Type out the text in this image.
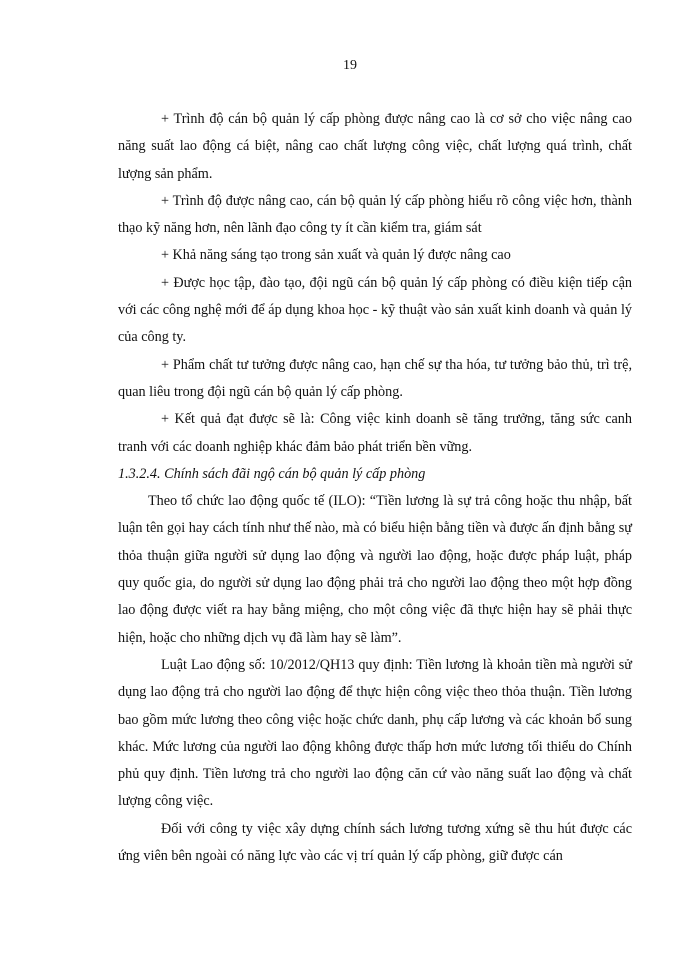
19

+ Trình độ cán bộ quản lý cấp phòng được nâng cao là cơ sở cho việc nâng cao năng suất lao động cá biệt, nâng cao chất lượng công việc, chất lượng quá trình, chất lượng sản phẩm.

+ Trình độ được nâng cao, cán bộ quản lý cấp phòng hiểu rõ công việc hơn, thành thạo kỹ năng hơn, nên lãnh đạo công ty ít cần kiểm tra, giám sát

+ Khả năng sáng tạo trong sản xuất và quản lý được nâng cao

+ Được học tập, đào tạo, đội ngũ cán bộ quản lý cấp phòng có điều kiện tiếp cận với các công nghệ mới để áp dụng khoa học - kỹ thuật vào sản xuất kinh doanh và quản lý của công ty.

+ Phẩm chất tư tưởng được nâng cao, hạn chế sự tha hóa, tư tưởng bảo thủ, trì trệ, quan liêu trong đội ngũ cán bộ quản lý cấp phòng.

+ Kết quả đạt được sẽ là: Công việc kinh doanh sẽ tăng trưởng, tăng sức canh tranh với các doanh nghiệp khác đảm bảo phát triển bền vững.

1.3.2.4. Chính sách đãi ngộ cán bộ quản lý cấp phòng

Theo tổ chức lao động quốc tế (ILO): “Tiền lương là sự trả công hoặc thu nhập, bất luận tên gọi hay cách tính như thế nào, mà có biểu hiện bằng tiền và được ấn định bằng sự thỏa thuận giữa người sử dụng lao động và người lao động, hoặc được pháp luật, pháp quy quốc gia, do người sử dụng lao động phải trả cho người lao động theo một hợp đồng lao động được viết ra hay bằng miệng, cho một công việc đã thực hiện hay sẽ phải thực hiện, hoặc cho những dịch vụ đã làm hay sẽ làm”.

Luật Lao động số: 10/2012/QH13 quy định: Tiền lương là khoản tiền mà người sử dụng lao động trả cho người lao động để thực hiện công việc theo thỏa thuận. Tiền lương bao gồm mức lương theo công việc hoặc chức danh, phụ cấp lương và các khoản bổ sung khác. Mức lương của người lao động không được thấp hơn mức lương tối thiểu do Chính phủ quy định. Tiền lương trả cho người lao động căn cứ vào năng suất lao động và chất lượng công việc.

Đối với công ty việc xây dựng chính sách lương tương xứng sẽ thu hút được các ứng viên bên ngoài có năng lực vào các vị trí quản lý cấp phòng, giữ được cán
